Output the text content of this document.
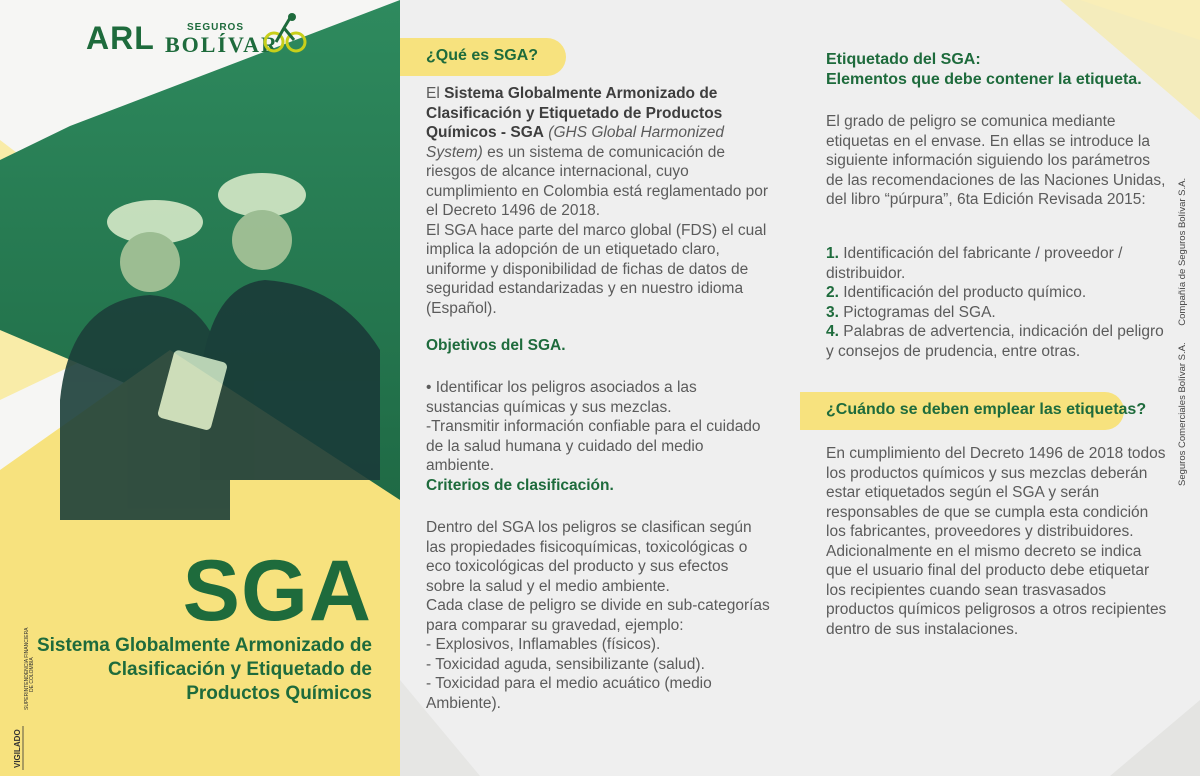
ARL	SEGUROS
BOLÍVAR
SGA
Sistema Globalmente Armonizado de Clasificación y Etiquetado de Productos Químicos
VIGILADO
SUPERINTENDENCIA FINANCIERA DE COLOMBIA
¿Qué es SGA?

El Sistema Globalmente Armonizado de Clasificación y Etiquetado de Productos Químicos - SGA (GHS Global Harmonized System) es un sistema de comunicación de riesgos de alcance internacional, cuyo cumplimiento en Colombia está reglamentado por el Decreto 1496 de 2018.

El SGA hace parte del marco global (FDS) el cual implica la adopción de un etiquetado claro, uniforme y disponibilidad de fichas de datos de seguridad estandarizadas y en nuestro idioma (Español).

Objetivos del SGA.

• Identificar los peligros asociados a las sustancias químicas y sus mezclas.

-Transmitir información confiable para el cuidado de la salud humana y cuidado del medio ambiente.

Criterios de clasificación.

Dentro del SGA los peligros se clasifican según las propiedades fisicoquímicas, toxicológicas o eco toxicológicas del producto y sus efectos sobre la salud y el medio ambiente.

Cada clase de peligro se divide en sub-categorías para comparar su gravedad, ejemplo:

- Explosivos, Inflamables (físicos).

- Toxicidad aguda, sensibilizante (salud).

- Toxicidad para el medio acuático (medio Ambiente).

Etiquetado del SGA:

Elementos que debe contener la etiqueta.

El grado de peligro se comunica mediante etiquetas en el envase. En ellas se introduce la siguiente información siguiendo los parámetros de las recomendaciones de las Naciones Unidas, del libro “púrpura”, 6ta Edición Revisada 2015:

1. Identificación del fabricante / proveedor / distribuidor.

2. Identificación del producto químico.

3. Pictogramas del SGA.

4. Palabras de advertencia, indicación del peligro y consejos de prudencia, entre otras.

¿Cuándo se deben emplear las etiquetas?
En cumplimiento del Decreto 1496 de 2018 todos los productos químicos y sus mezclas deberán estar etiquetados según el SGA y serán responsables de que se cumpla esta condición los fabricantes, proveedores y distribuidores. Adicionalmente en el mismo decreto se indica que el usuario final del producto debe etiquetar los recipientes cuando sean trasvasados productos químicos peligrosos a otros recipientes dentro de sus instalaciones.
Seguros Comerciales Bolívar S.A. Compañía de Seguros Bolívar S.A.
